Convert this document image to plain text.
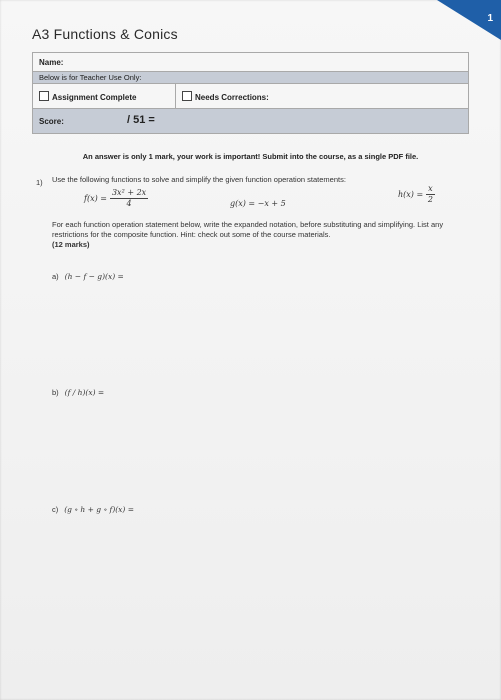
1
A3 Functions & Conics
Name:
Below is for Teacher Use Only:
Assignment Complete	Needs Corrections:
Score:	/ 51 =
An answer is only 1 mark, your work is important! Submit into the course, as a single PDF file.
1) Use the following functions to solve and simplify the given function operation statements:
$f(x) = \frac{\text{3x² + 2x}}{4}$	g(x) = −x + 5
$h(x) = \frac{x}{2}$
For each function operation statement below, write the expanded notation, before substituting and simplifying. List any restrictions for the composite function. Hint: check out some of the course materials.
(12 marks)
a) (h − f − g)(x) =
b) (f / h)(x) =
c) (g ∘ h + g ∘ f)(x) =
